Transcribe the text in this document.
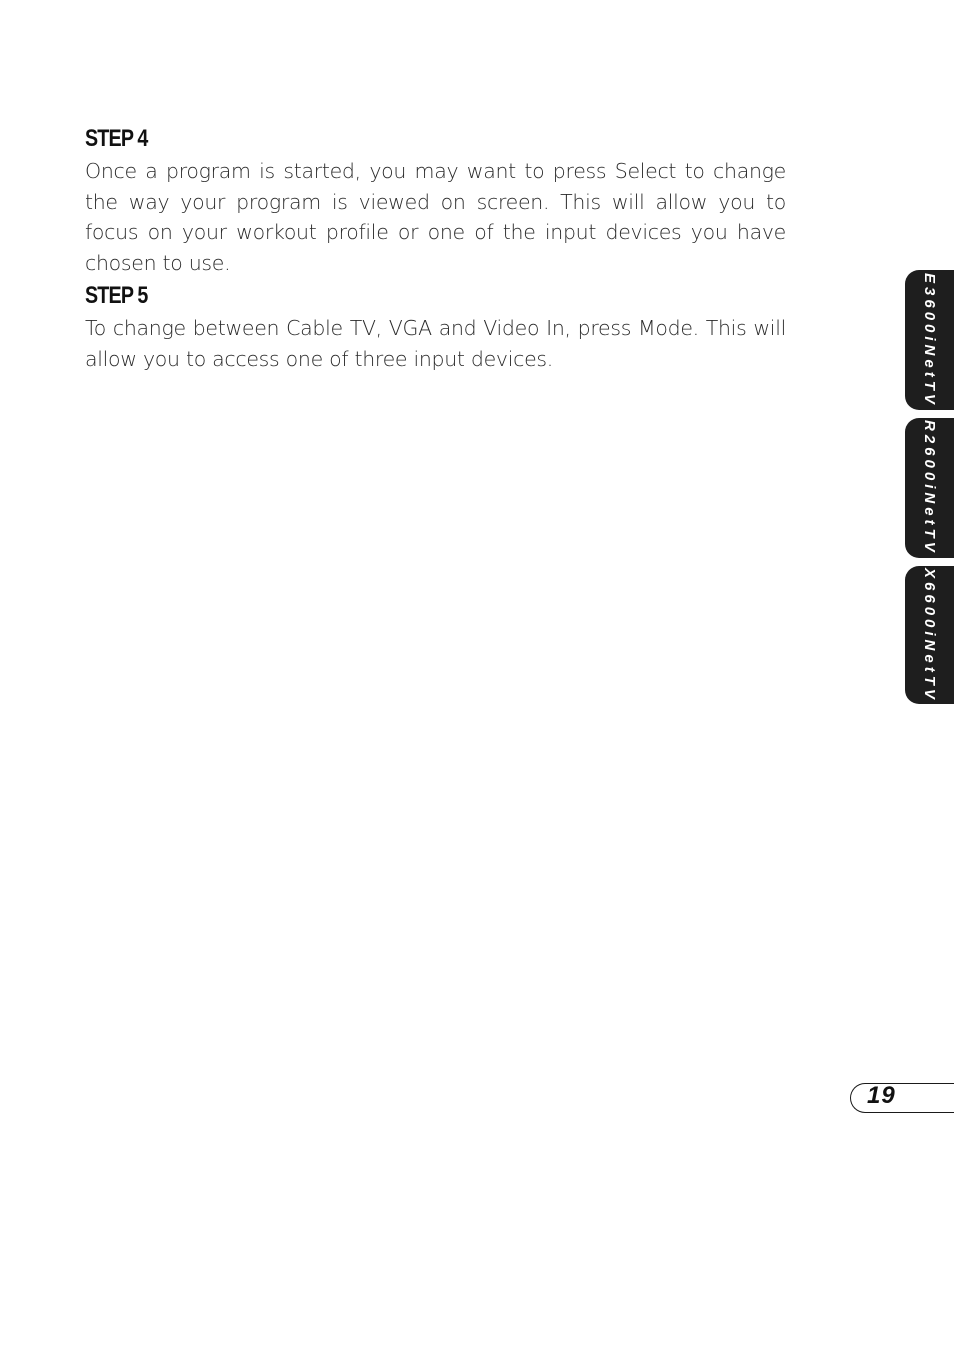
STEP 4

Once a program is started, you may want to press Select to change the way your program is viewed on screen. This will allow you to focus on your workout profile or one of the input devices you have chosen to use.

STEP 5

To change between Cable TV, VGA and Video In, press Mode. This will allow you to access one of three input devices.	E3600iNetTV
R2600iNetTV
X6600iNetTV
19
